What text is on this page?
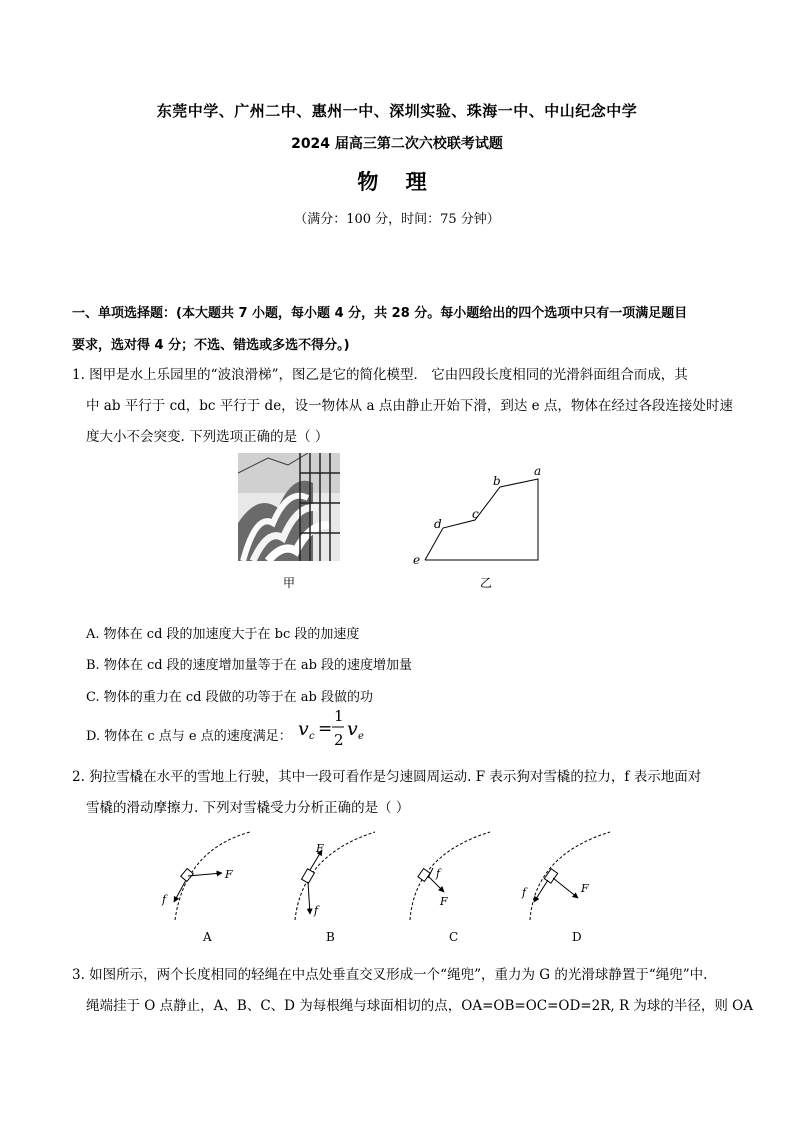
东莞中学、广州二中、惠州一中、深圳实验、珠海一中、中山纪念中学
2024 届高三第二次六校联考试题
物 理
（满分：100 分，时间：75 分钟）
一、单项选择题：(本大题共 7 小题，每小题 4 分，共 28 分。每小题给出的四个选项中只有一项满足题目
要求，选对得 4 分；不选、错选或多选不得分。)
1. 图甲是水上乐园里的“波浪滑梯”，图乙是它的简化模型． 它由四段长度相同的光滑斜面组合而成，其
中 ab 平行于 cd，bc 平行于 de，设一物体从 a 点由静止开始下滑，到达 e 点，物体在经过各段连接处时速
度大小不会突变. 下列选项正确的是（ ）
甲
a
b
c
d
e
乙
A. 物体在 cd 段的加速度大于在 bc 段的加速度
B. 物体在 cd 段的速度增加量等于在 ab 段的速度增加量
C. 物体的重力在 cd 段做的功等于在 ab 段做的功
D. 物体在 c 点与 e 点的速度满足： v c =
1
2 v e
2. 狗拉雪橇在水平的雪地上行驶，其中一段可看作是匀速圆周运动. F 表示狗对雪橇的拉力，f 表示地面对
雪橇的滑动摩擦力. 下列对雪橇受力分析正确的是（ ）
F
f
F
f
F
f
F
f
A	B	C	D
3. 如图所示，两个长度相同的轻绳在中点处垂直交叉形成一个“绳兜”，重力为 G 的光滑球静置于“绳兜”中.
绳端挂于 O 点静止，A、B、C、D 为每根绳与球面相切的点，OA=OB=OC=OD=2R, R 为球的半径，则 OA
